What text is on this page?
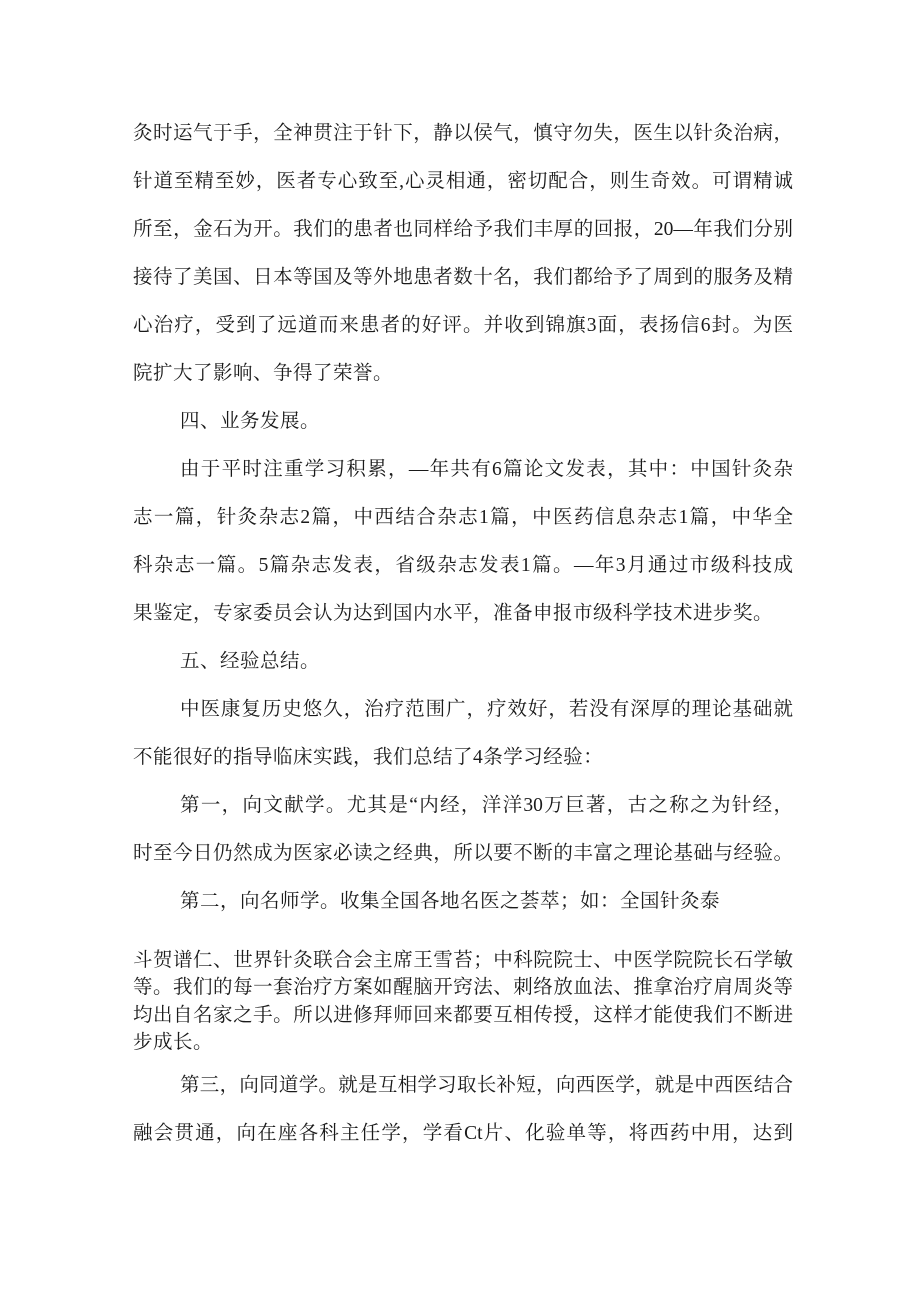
灸时运气于手，全神贯注于针下，静以侯气，慎守勿失，医生以针灸治病，
针道至精至妙，医者专心致至,心灵相通，密切配合，则生奇效。可谓精诚
所至，金石为开。我们的患者也同样给予我们丰厚的回报，20—年我们分别
接待了美国、日本等国及等外地患者数十名，我们都给予了周到的服务及精
心治疗，受到了远道而来患者的好评。并收到锦旗3面，表扬信6封。为医
院扩大了影响、争得了荣誉。
四、业务发展。
由于平时注重学习积累，—年共有6篇论文发表，其中：中国针灸杂
志一篇，针灸杂志2篇，中西结合杂志1篇，中医药信息杂志1篇，中华全
科杂志一篇。5篇杂志发表，省级杂志发表1篇。—年3月通过市级科技成
果鉴定，专家委员会认为达到国内水平，准备申报市级科学技术进步奖。
五、经验总结。
中医康复历史悠久，治疗范围广，疗效好，若没有深厚的理论基础就
不能很好的指导临床实践，我们总结了4条学习经验：
第一，向文献学。尤其是“内经，洋洋30万巨著，古之称之为针经，
时至今日仍然成为医家必读之经典，所以要不断的丰富之理论基础与经验。
第二，向名师学。收集全国各地名医之荟萃；如：全国针灸泰
斗贺谱仁、世界针灸联合会主席王雪苔；中科院院士、中医学院院长石学敏
等。我们的每一套治疗方案如醒脑开窍法、刺络放血法、推拿治疗肩周炎等
均出自名家之手。所以进修拜师回来都要互相传授，这样才能使我们不断进
步成长。
第三，向同道学。就是互相学习取长补短，向西医学，就是中西医结合
融会贯通，向在座各科主任学，学看Ct片、化验单等，将西药中用，达到
